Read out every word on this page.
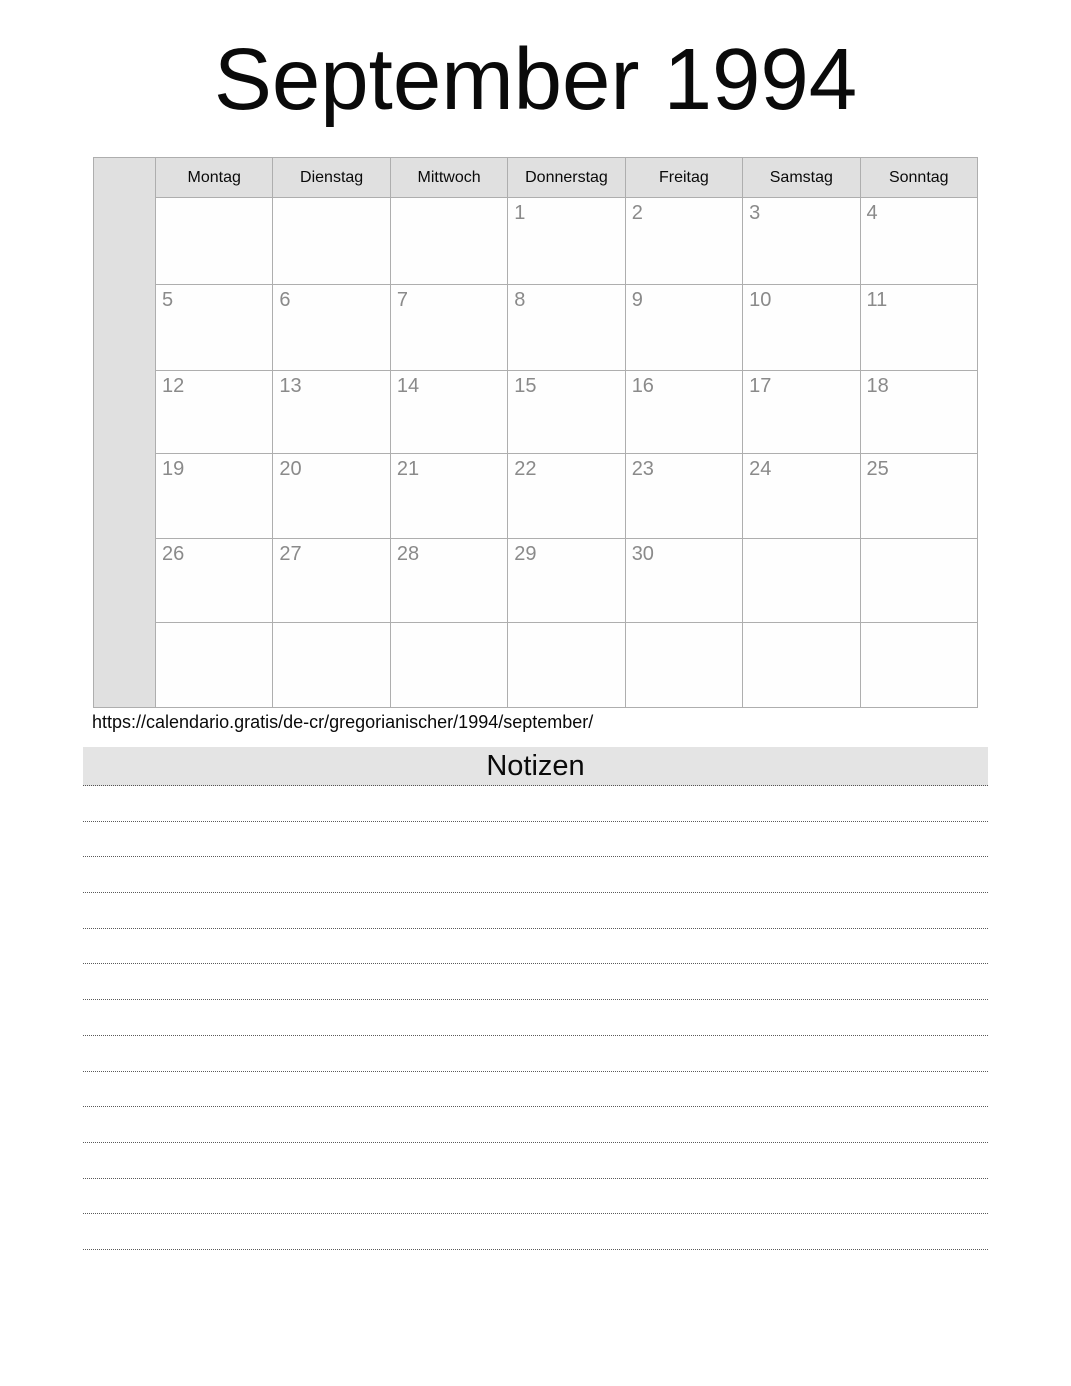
September 1994
	Montag	Dienstag	Mittwoch	Donnerstag	Freitag	Samstag	Sonntag
				1	2	3	4
	5	6	7	8	9	10	11
	12	13	14	15	16	17	18
	19	20	21	22	23	24	25
	26	27	28	29	30		

https://calendario.gratis/de-cr/gregorianischer/1994/september/
Notizen
